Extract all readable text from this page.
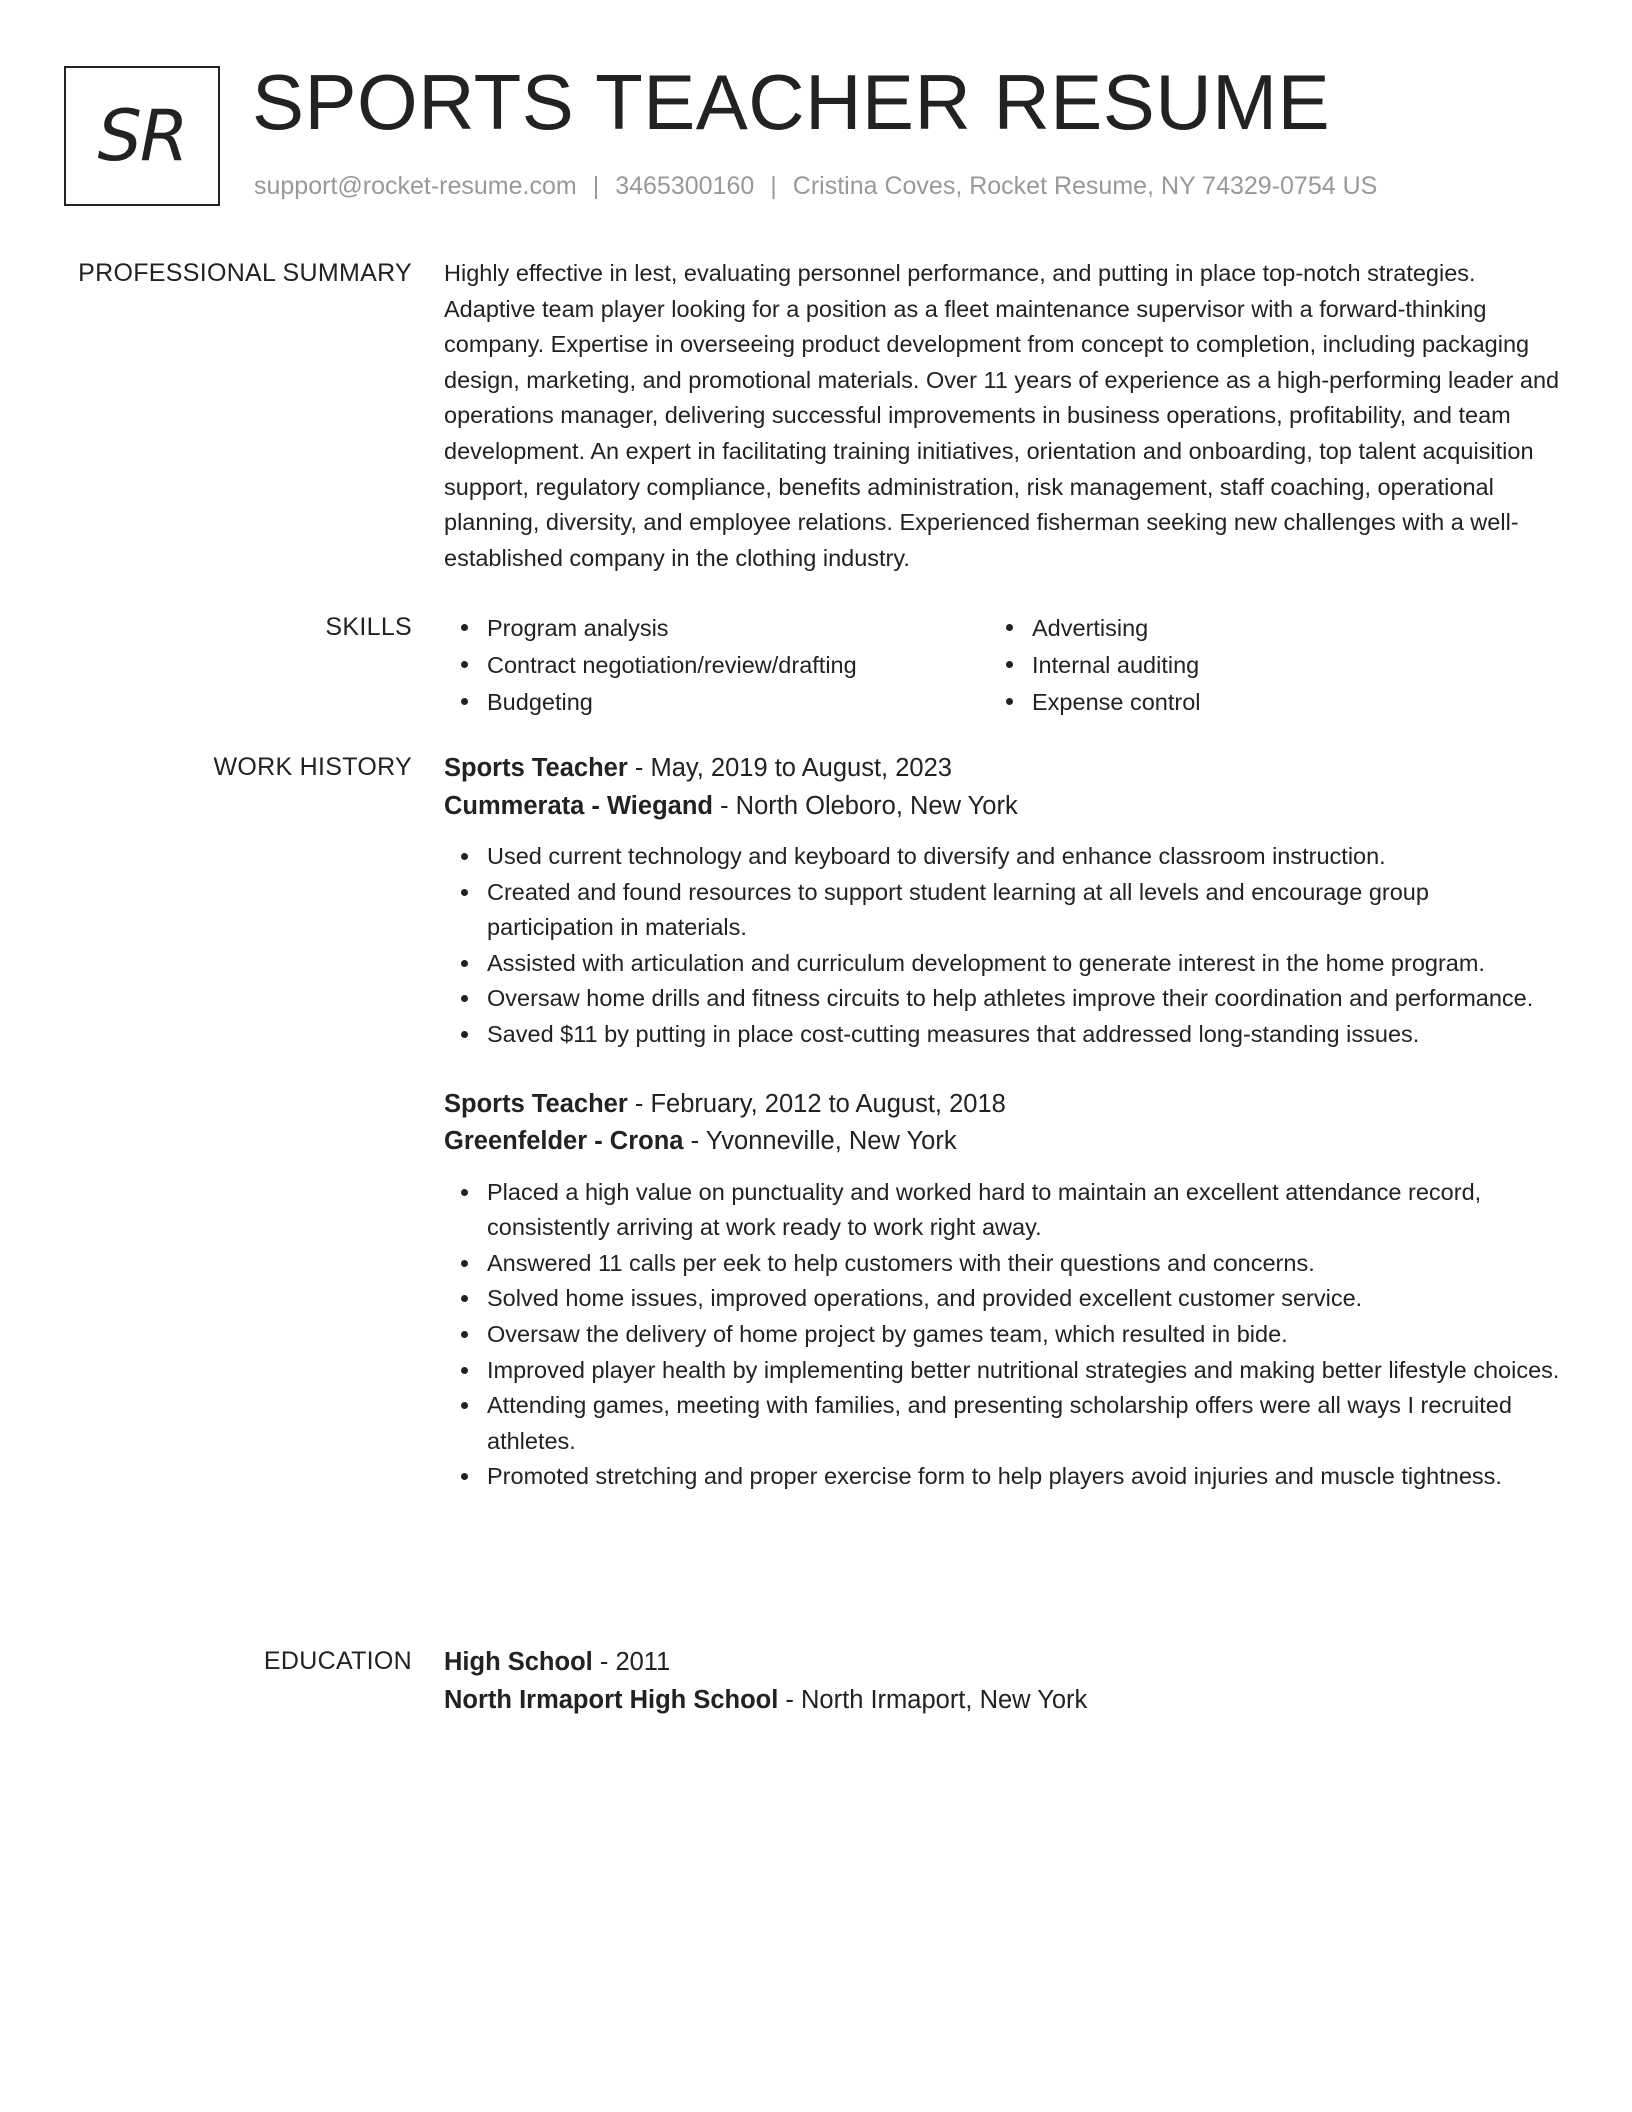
SR SPORTS TEACHER RESUME
support@rocket-resume.com | 3465300160 | Cristina Coves, Rocket Resume, NY 74329-0754 US
PROFESSIONAL SUMMARY Highly effective in lest, evaluating personnel performance, and putting in place top-notch strategies. Adaptive team player looking for a position as a fleet maintenance supervisor with a forward-thinking company. Expertise in overseeing product development from concept to completion, including packaging design, marketing, and promotional materials. Over 11 years of experience as a high-performing leader and operations manager, delivering successful improvements in business operations, profitability, and team development. An expert in facilitating training initiatives, orientation and onboarding, top talent acquisition support, regulatory compliance, benefits administration, risk management, staff coaching, operational planning, diversity, and employee relations. Experienced fisherman seeking new challenges with a well-established company in the clothing industry.

SKILLS	Program analysis
Contract negotiation/review/drafting
Budgeting
Advertising
Internal auditing
Expense control
WORK HISTORY Sports Teacher - May, 2019 to August, 2023
Cummerata - Wiegand - North Oleboro, New York
Used current technology and keyboard to diversify and enhance classroom instruction.
Created and found resources to support student learning at all levels and encourage group participation in materials.
Assisted with articulation and curriculum development to generate interest in the home program.
Oversaw home drills and fitness circuits to help athletes improve their coordination and performance.
Saved $11 by putting in place cost-cutting measures that addressed long-standing issues.
Sports Teacher - February, 2012 to August, 2018
Greenfelder - Crona - Yvonneville, New York
Placed a high value on punctuality and worked hard to maintain an excellent attendance record, consistently arriving at work ready to work right away.
Answered 11 calls per eek to help customers with their questions and concerns.
Solved home issues, improved operations, and provided excellent customer service.
Oversaw the delivery of home project by games team, which resulted in bide.
Improved player health by implementing better nutritional strategies and making better lifestyle choices.
Attending games, meeting with families, and presenting scholarship offers were all ways I recruited athletes.
Promoted stretching and proper exercise form to help players avoid injuries and muscle tightness.
EDUCATION High School - 2011
North Irmaport High School - North Irmaport, New York
